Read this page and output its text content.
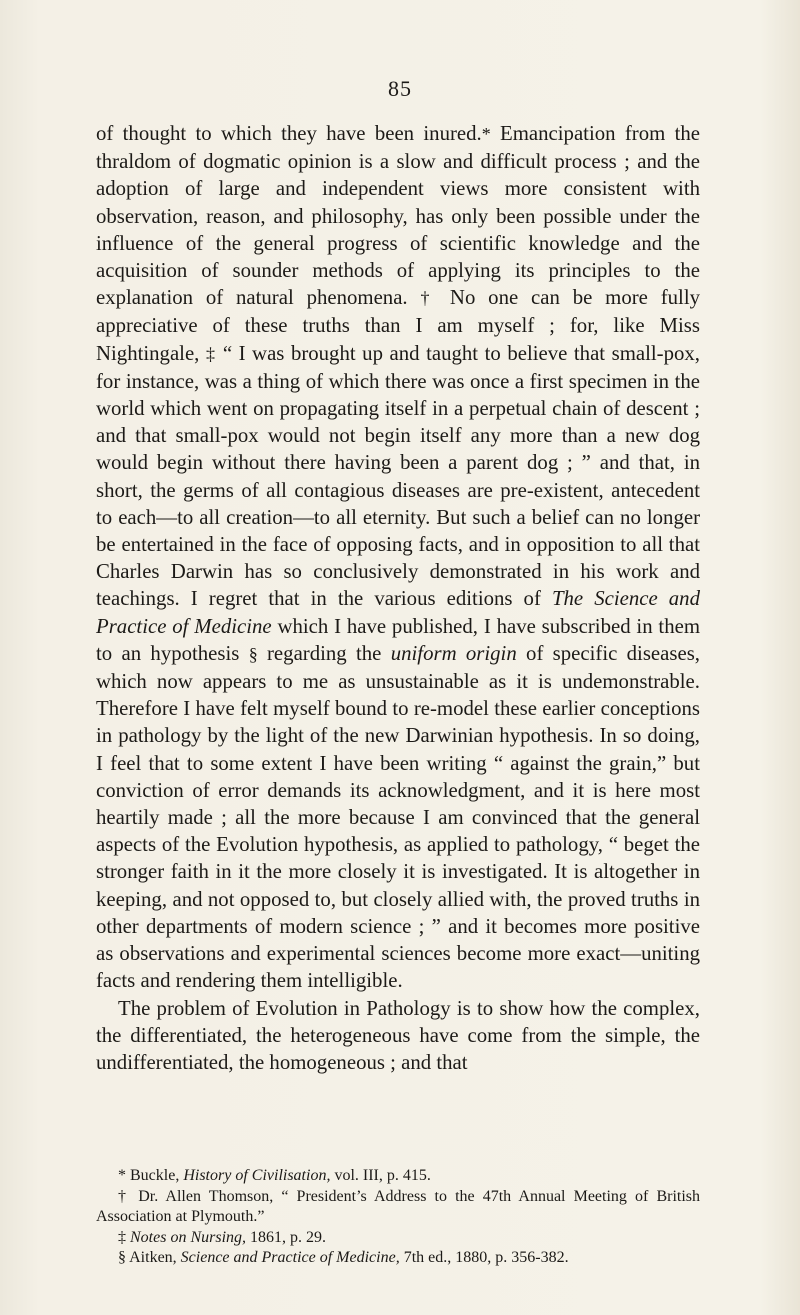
85

of thought to which they have been inured.* Emancipation from the thraldom of dogmatic opinion is a slow and difficult process ; and the adoption of large and independent views more consistent with observation, reason, and philosophy, has only been possible under the influence of the general progress of scientific knowledge and the acquisition of sounder methods of applying its principles to the explanation of natural phenomena. † No one can be more fully appreciative of these truths than I am myself ; for, like Miss Nightingale, ‡ “ I was brought up and taught to believe that small-pox, for instance, was a thing of which there was once a first specimen in the world which went on propagating itself in a perpetual chain of descent ; and that small-pox would not begin itself any more than a new dog would begin without there having been a parent dog ; ” and that, in short, the germs of all contagious diseases are pre-existent, antecedent to each—to all creation—to all eternity. But such a belief can no longer be entertained in the face of opposing facts, and in opposition to all that Charles Darwin has so conclusively demonstrated in his work and teachings. I regret that in the various editions of The Science and Practice of Medicine which I have published, I have subscribed in them to an hypothesis § regarding the uniform origin of specific diseases, which now appears to me as unsustainable as it is undemonstrable. Therefore I have felt myself bound to re-model these earlier conceptions in pathology by the light of the new Darwinian hypothesis. In so doing, I feel that to some extent I have been writing “ against the grain,” but conviction of error demands its acknowledgment, and it is here most heartily made ; all the more because I am convinced that the general aspects of the Evolution hypothesis, as applied to pathology, “ beget the stronger faith in it the more closely it is investigated. It is altogether in keeping, and not opposed to, but closely allied with, the proved truths in other departments of modern science ; ” and it becomes more positive as observations and experimental sciences become more exact—uniting facts and rendering them intelligible.

The problem of Evolution in Pathology is to show how the complex, the differentiated, the heterogeneous have come from the simple, the undifferentiated, the homogeneous ; and that

* Buckle, History of Civilisation, vol. III, p. 415.

† Dr. Allen Thomson, “ President’s Address to the 47th Annual Meeting of British Association at Plymouth.”

‡ Notes on Nursing, 1861, p. 29.

§ Aitken, Science and Practice of Medicine, 7th ed., 1880, p. 356-382.
